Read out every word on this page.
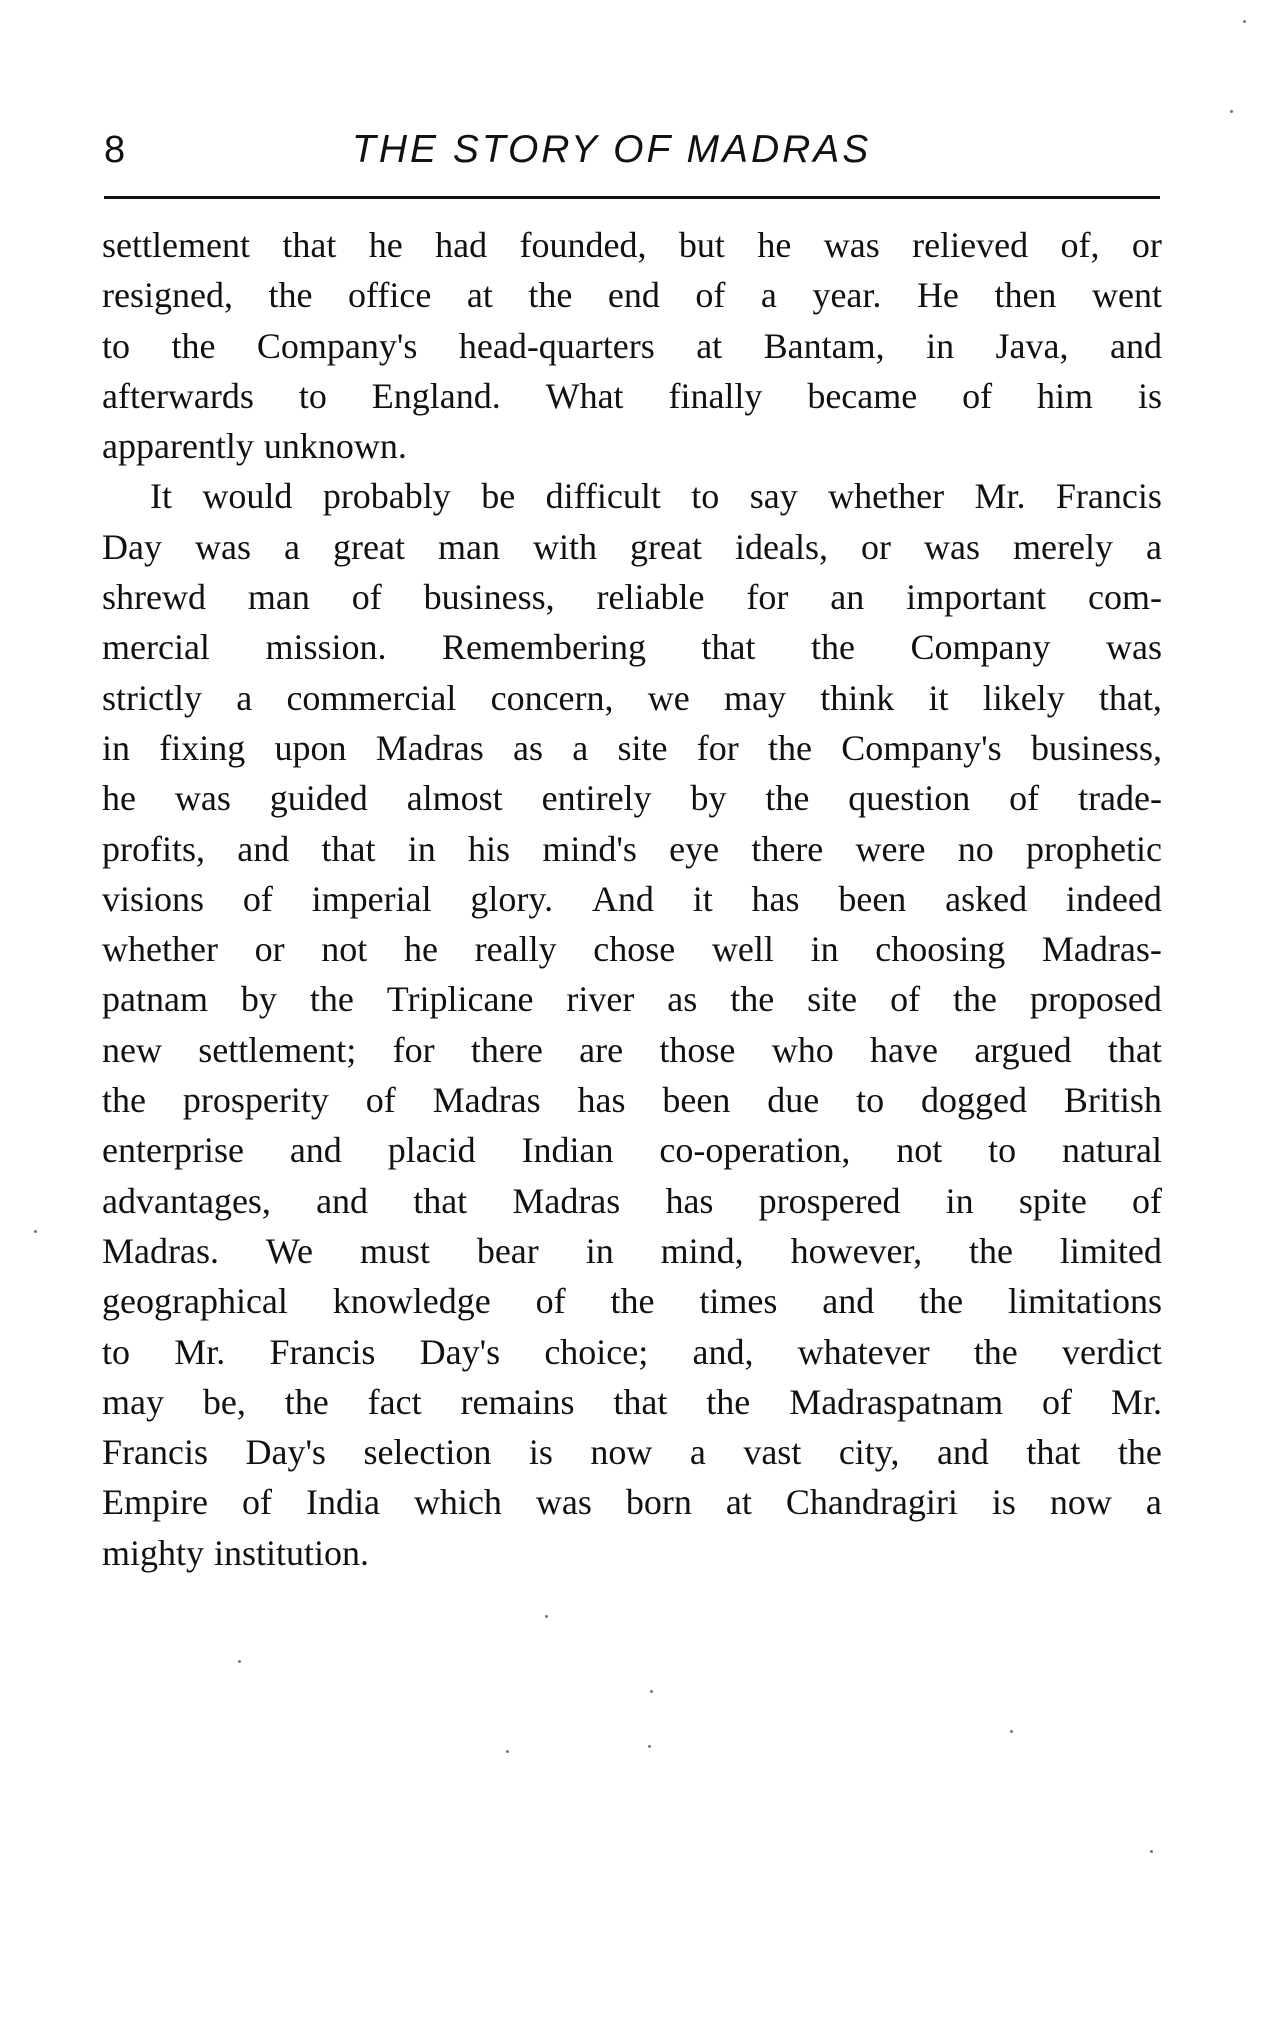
8	THE STORY OF MADRAS
settlement that he had founded, but he was relieved of, or
resigned, the office at the end of a year. He then went
to the Company's head-quarters at Bantam, in Java, and
afterwards to England. What finally became of him is
apparently unknown.
It would probably be difficult to say whether Mr. Francis
Day was a great man with great ideals, or was merely a
shrewd man of business, reliable for an important com-
mercial mission. Remembering that the Company was
strictly a commercial concern, we may think it likely that,
in fixing upon Madras as a site for the Company's business,
he was guided almost entirely by the question of trade-
profits, and that in his mind's eye there were no prophetic
visions of imperial glory. And it has been asked indeed
whether or not he really chose well in choosing Madras-
patnam by the Triplicane river as the site of the proposed
new settlement; for there are those who have argued that
the prosperity of Madras has been due to dogged British
enterprise and placid Indian co-operation, not to natural
advantages, and that Madras has prospered in spite of
Madras. We must bear in mind, however, the limited
geographical knowledge of the times and the limitations
to Mr. Francis Day's choice; and, whatever the verdict
may be, the fact remains that the Madraspatnam of Mr.
Francis Day's selection is now a vast city, and that the
Empire of India which was born at Chandragiri is now a
mighty institution.
